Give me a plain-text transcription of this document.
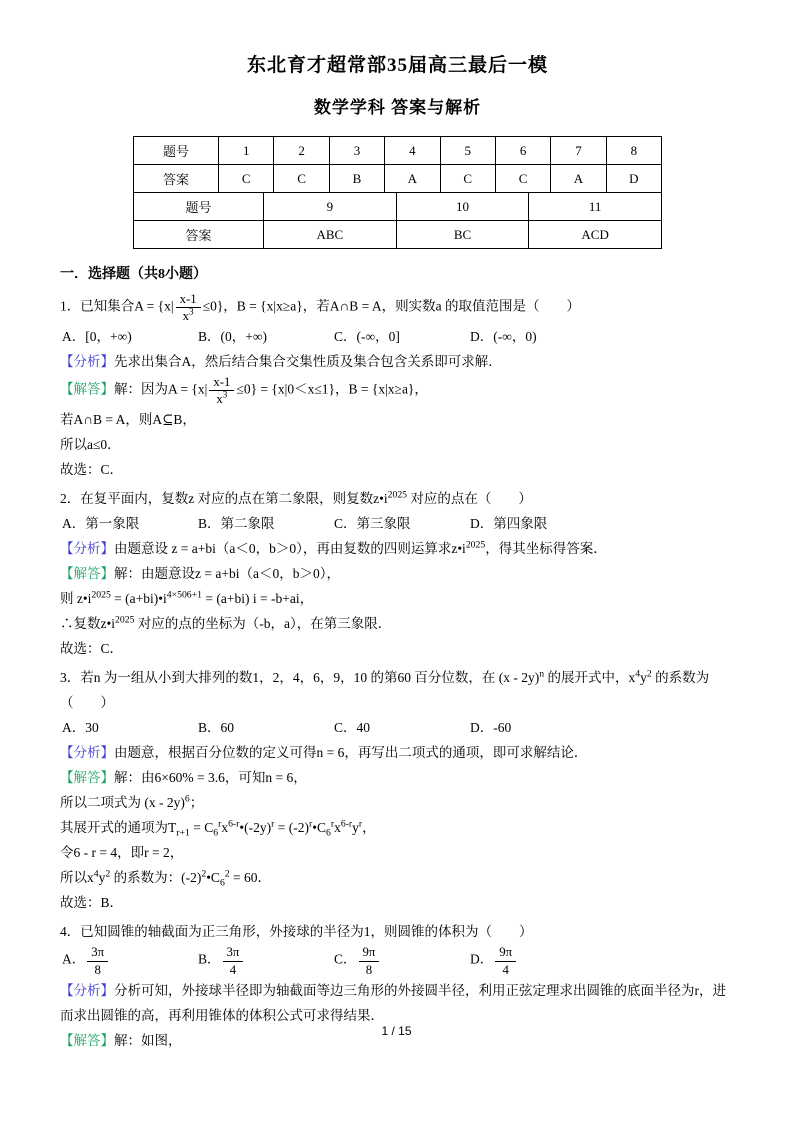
东北育才超常部35届高三最后一模
数学学科 答案与解析
题号	1	2	3	4	5	6	7	8
答案	C	C	B	A	C	C	A	D
题号	9	10	11
答案	ABC	BC	ACD
一．选择题（共8小题）
1．已知集合$A = \{x| \frac{x-1}{x^3} \le 0\}$，B = {x|x≥a}，若A∩B = A，则实数a 的取值范围是（　　）
A．[0，+∞)	B．(0，+∞)	C．(-∞，0]	D．(-∞，0)
【分析】先求出集合A，然后结合集合交集性质及集合包含关系即可求解．
【解答】解：因为$A = \{x| \frac{x-1}{x^3} \le 0\} = \{x|0<x\le 1\}$，B = {x|x≥a}，
若A∩B = A，则A⊆B，
所以a≤0．
故选：C．
2．在复平面内，复数z 对应的点在第二象限，则复数$z•i^{2025}$ 对应的点在（　　）
A．第一象限	B．第二象限	C．第三象限	D．第四象限
【分析】由题意设 z = a+bi（a＜0，b＞0），再由复数的四则运算求$z•i^{2025}$，得其坐标得答案．
【解答】解：由题意设z = a+bi（a＜0，b＞0），
则 $z•i^{2025}$ = $(a+bi)•i^{4\times 506+1} = (a+bi) i = -b+ai$，
∴复数$z•i^{2025}$ 对应的点的坐标为（-b，a），在第三象限．
故选：C．
3．若n 为一组从小到大排列的数1，2，4，6，9，10 的第60 百分位数，在 (x - 2y)$^n$ 的展开式中，$x^4y^2$ 的系数为
（　　）
A．30	B．60	C．40	D．-60
【分析】由题意，根据百分位数的定义可得n = 6，再写出二项式的通项，即可求解结论．
【解答】解：由6×60% = 3.6，可知n = 6，
所以二项式为 (x - 2y)$^6$；
其展开式的通项为$T_{r+1}$ = $C_6^rx^{6-r}•(-2y)^r$ = $(-2)^r•C_6^rx^{6-r}y^r$，
令6 - r = 4，即r = 2，
所以$x^4y^2$ 的系数为：$(-2)^2•C_6^2 = 60$．
故选：B．
4．已知圆锥的轴截面为正三角形，外接球的半径为1，则圆锥的体积为（　　）
A． $\frac{3\pi}{8}$	B． $\frac{3\pi}{4}$	C． $\frac{9\pi}{8}$	D． $\frac{9\pi}{4}$
【分析】分析可知，外接球半径即为轴截面等边三角形的外接圆半径，利用正弦定理求出圆锥的底面半径为r，进而求出圆锥的高，再利用锥体的体积公式可求得结果．
【解答】解：如图，
1 / 15
